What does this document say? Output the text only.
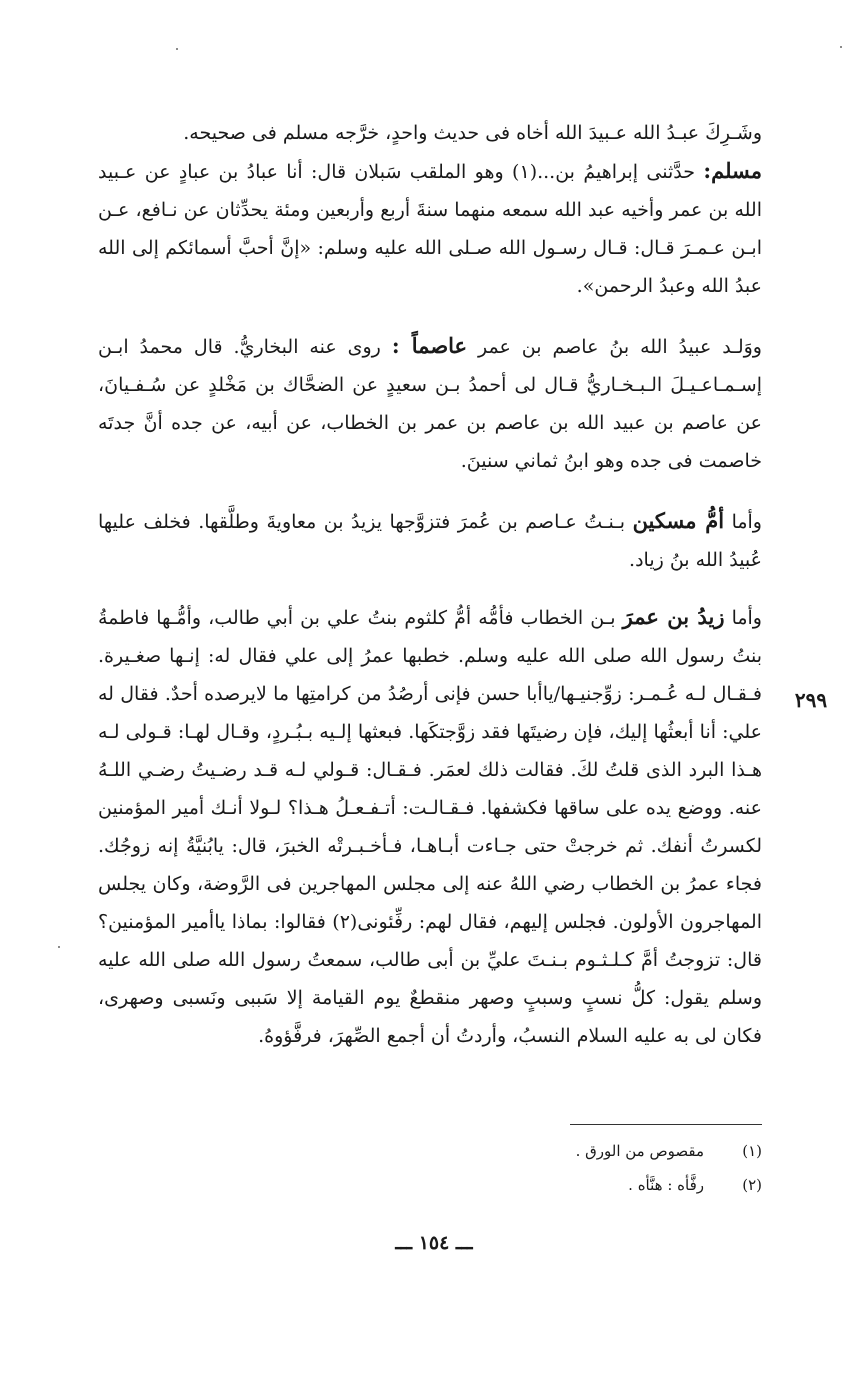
وشَـرِكَ عبـدُ الله عـبيدَ الله أخاه فى حديث واحدٍ، خرَّجه مسلم فى صحيحه.
مسلم: حدَّثنى إبراهيمُ بن...(١) وهو الملقب سَبلان قال: أنا عبادُ بن عبادٍ عن عـبيد الله بن عمر وأخيه عبد الله سمعه منهما سنةَ أربع وأربعين ومئة يحدِّثان عن نـافع، عـن ابـن عـمـرَ قـال: قـال رسـول الله صـلى الله عليه وسلم: «إنَّ أحبَّ أسمائكم إلى الله عبدُ الله وعبدُ الرحمن».

ووَلـد عبيدُ الله بنُ عاصم بن عمر عاصماً : روى عنه البخاريُّ. قال محمدُ ابـن إسـمـاعـيـلَ الـبـخـاريُّ قـال لى أحمدُ بـن سعيدٍ عن الضحَّاك بن مَخْلدٍ عن سُـفـيانَ، عن عاصم بن عبيد الله بن عاصم بن عمر بن الخطاب، عن أبيه، عن جده أنَّ جدتَه خاصمت فى جده وهو ابنُ ثماني سنينَ.

وأما أمُّ مسكين بـنـتُ عـاصم بن عُمرَ فتزوَّجها يزيدُ بن معاويةَ وطلَّقها. فخلف عليها عُبيدُ الله بنُ زياد.

وأما زيدُ بن عمرَ بـن الخطاب فأمُّه أمُّ كلثوم بنتُ علي بن أبي طالب، وأمُّـها فاطمةُ بنتُ رسول الله صلى الله عليه وسلم. خطبها عمرُ إلى علي فقال له: إنـها صغـيرة. فـقـال لـه عُـمـر: زوِّجنيـها/ياأبا حسن فإنى أرصُدُ من كرامتِها ما لايرصده أحدٌ. فقال له علي: أنا أبعثُها إليك، فإن رضيتَها فقد زوَّجتكَها. فبعثها إلـيه بـبُـردٍ، وقـال لهـا: قـولى لـه هـذا البرد الذى قلتُ لكَ. فقالت ذلك لعمَر. فـقـال: قـولي لـه قـد رضـيتُ رضـي اللـهُ عنه. ووضع يده على ساقها فكشفها. فـقـالـت: أتـفـعـلُ هـذا؟ لـولا أنـك أمير المؤمنين لكسرتُ أنفك. ثم خرجتْ حتى جـاءت أبـاهـا، فـأخـبـرتْه الخبرَ، قال: يابُنيَّةُ إنه زوجُك. فجاء عمرُ بن الخطاب رضي اللهُ عنه إلى مجلس المهاجرين فى الرَّوضة، وكان يجلس المهاجرون الأولون. فجلس إليهم، فقال لهم: رفِّئونى(٢) فقالوا: بماذا ياأمير المؤمنين؟ قال: تزوجتُ أمَّ كـلـثـوم بـنـتَ عليِّ بن أبى طالب، سمعتُ رسول الله صلى الله عليه وسلم يقول: كلُّ نسبٍ وسببٍ وصهر منقطعٌ يوم القيامة إلا سَببى ونَسبى وصهرى، فكان لى به عليه السلام النسبُ، وأردتُ أن أجمع الصِّهرَ، فرفَّؤوهُ.

٢٩٩
(١)
مقصوص من الورق .
(٢)
رفَّأه : هنَّأه .
ـــ ١٥٤ ـــ
